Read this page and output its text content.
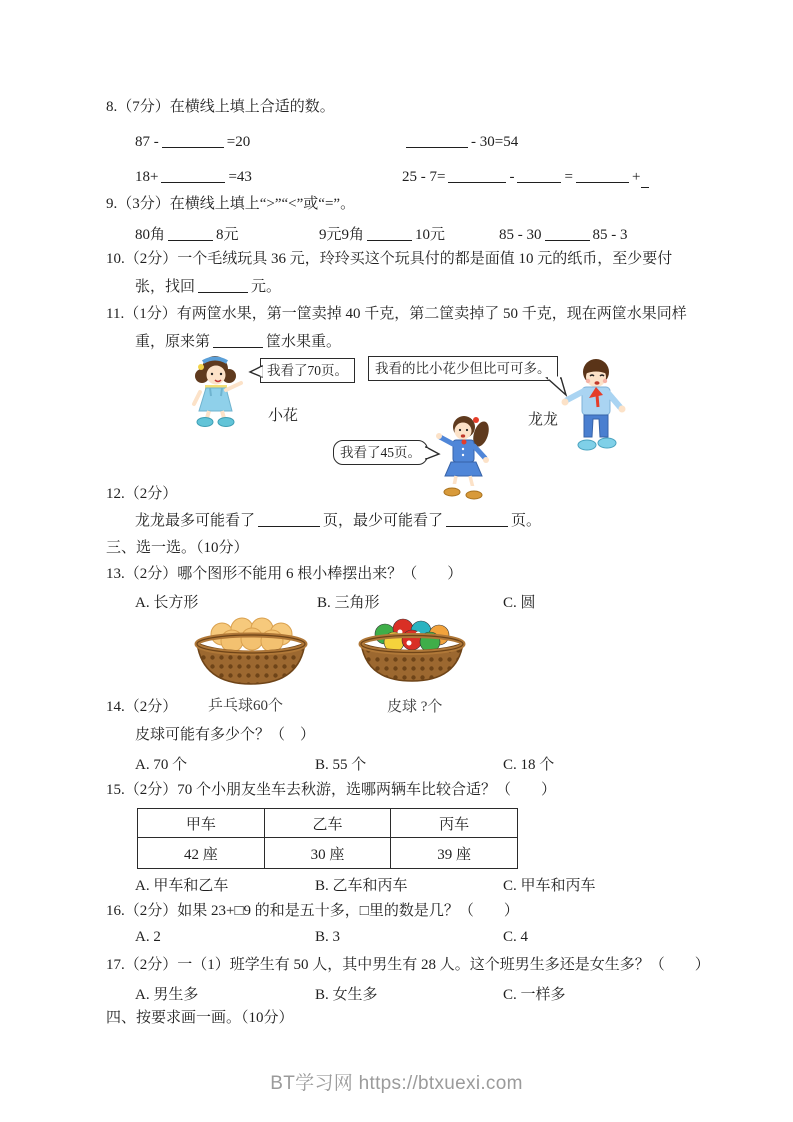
8.（7分）在横线上填上合适的数。
87 -	=20	- 30=54
18+	=43	25 - 7=	-	=	+
9.（3分）在横线上填上“>”“<”或“=”。
80角	8元	9元9角	10元	85 - 30	85 - 3
10.（2分）一个毛绒玩具 36 元，玲玲买这个玩具付的都是面值 10 元的纸币，至少要付
张，找回	元。
11.（1分）有两筐水果，第一筐卖掉 40 千克，第二筐卖掉了 50 千克，现在两筐水果同样
重，原来第	筐水果重。
我看了70页。	我看的比小花少但比可可多。
我看了45页。
小花	龙龙
12.（2分）
龙龙最多可能看了	页，最少可能看了	页。
三、选一选。（10分）
13.（2分）哪个图形不能用 6 根小棒摆出来？（　　）
A. 长方形	B. 三角形	C. 圆
14.（2分） 乒乓球60个	皮球 ?个
皮球可能有多少个？（　）
A. 70 个	B. 55 个	C. 18 个
15.（2分）70 个小朋友坐车去秋游，选哪两辆车比较合适？（　　）
甲车	乙车	丙车
42 座	30 座	39 座
A. 甲车和乙车	B. 乙车和丙车	C. 甲车和丙车
16.（2分）如果 23+□9 的和是五十多，□里的数是几？（　　）
A. 2	B. 3	C. 4
17.（2分）一（1）班学生有 50 人，其中男生有 28 人。这个班男生多还是女生多？（　　）
A. 男生多	B. 女生多	C. 一样多
四、按要求画一画。（10分）
BT学习网 https://btxuexi.com
